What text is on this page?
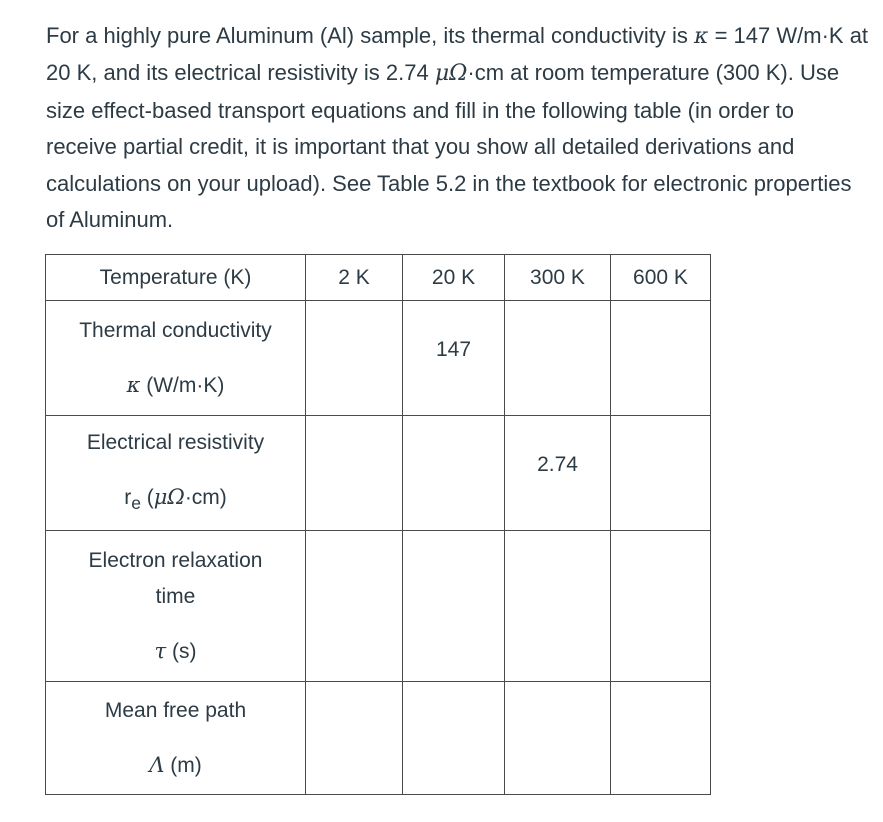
For a highly pure Aluminum (Al) sample, its thermal conductivity is κ = 147 W/m·K at 20 K, and its electrical resistivity is 2.74 μΩ·cm at room temperature (300 K). Use size effect-based transport equations and fill in the following table (in order to receive partial credit, it is important that you show all detailed derivations and calculations on your upload). See Table 5.2 in the textbook for electronic properties of Aluminum.

Temperature (K)	2 K	20 K	300 K	600 K

Thermal conductivity
κ (W/m·K)		147		

Electrical resistivity
$r_e$ (μΩ·cm)			2.74	

Electron relaxation
time
τ (s)				

Mean free path
Λ (m)				
